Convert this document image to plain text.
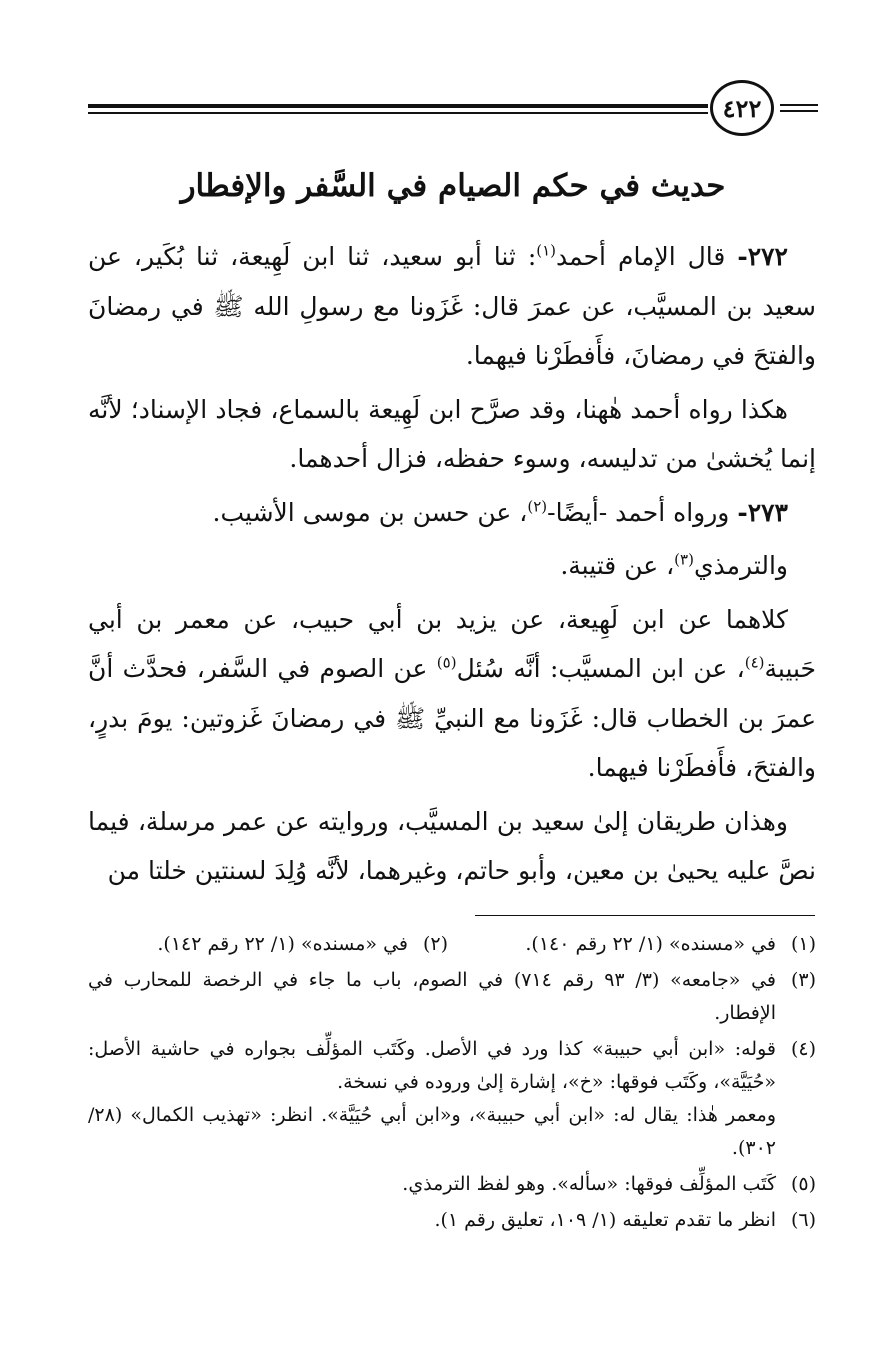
٤٢٢
حديث في حكم الصيام في السَّفر والإفطار

٢٧٢- قال الإمام أحمد$^{(١)}$: ثنا أبو سعيد، ثنا ابن لَهِيعة، ثنا بُكَير، عن سعيد بن المسيَّب، عن عمرَ قال: غَزَونا مع رسولِ الله ﷺ في رمضانَ والفتحَ في رمضانَ، فأَفطَرْنا فيهما.

هكذا رواه أحمد هٰهنا، وقد صرَّح ابن لَهِيعة بالسماع، فجاد الإسناد؛ لأنَّه إنما يُخشىٰ من تدليسه، وسوء حفظه، فزال أحدهما.

٢٧٣- ورواه أحمد -أيضًا-$^{(٢)}$، عن حسن بن موسى الأشيب.

والترمذي$^{(٣)}$، عن قتيبة.

كلاهما عن ابن لَهِيعة، عن يزيد بن أبي حبيب، عن معمر بن أبي حَبيبة$^{(٤)}$، عن ابن المسيَّب: أنَّه سُئل$^{(٥)}$ عن الصوم في السَّفر، فحدَّث أنَّ عمرَ بن الخطاب قال: غَزَونا مع النبيِّ ﷺ في رمضانَ غَزوتين: يومَ بدرٍ، والفتحَ، فأَفطَرْنا فيهما.

وهذان طريقان إلىٰ سعيد بن المسيَّب، وروايته عن عمر مرسلة، فيما نصَّ عليه يحيىٰ بن معين، وأبو حاتم، وغيرهما، لأنَّه وُلِدَ لسنتين خلتا من

(١)
في «مسنده» (١/ ٢٢ رقم ١٤٠).
(٢)
في «مسنده» (١/ ٢٢ رقم ١٤٢).
(٣)
في «جامعه» (٣/ ٩٣ رقم ٧١٤) في الصوم، باب ما جاء في الرخصة للمحارب في الإفطار.
(٤)
قوله: «ابن أبي حبيبة» كذا ورد في الأصل. وكَتَب المؤلِّف بجواره في حاشية الأصل: «حُيَيَّة»، وكَتَب فوقها: «خ»، إشارة إلىٰ وروده في نسخة.
ومعمر هٰذا: يقال له: «ابن أبي حبيبة»، و«ابن أبي حُيَيَّة». انظر: «تهذيب الكمال» (٢٨/ ٣٠٢).
(٥)
كَتَب المؤلِّف فوقها: «سأله». وهو لفظ الترمذي.
(٦)
انظر ما تقدم تعليقه (١/ ١٠٩، تعليق رقم ١).
